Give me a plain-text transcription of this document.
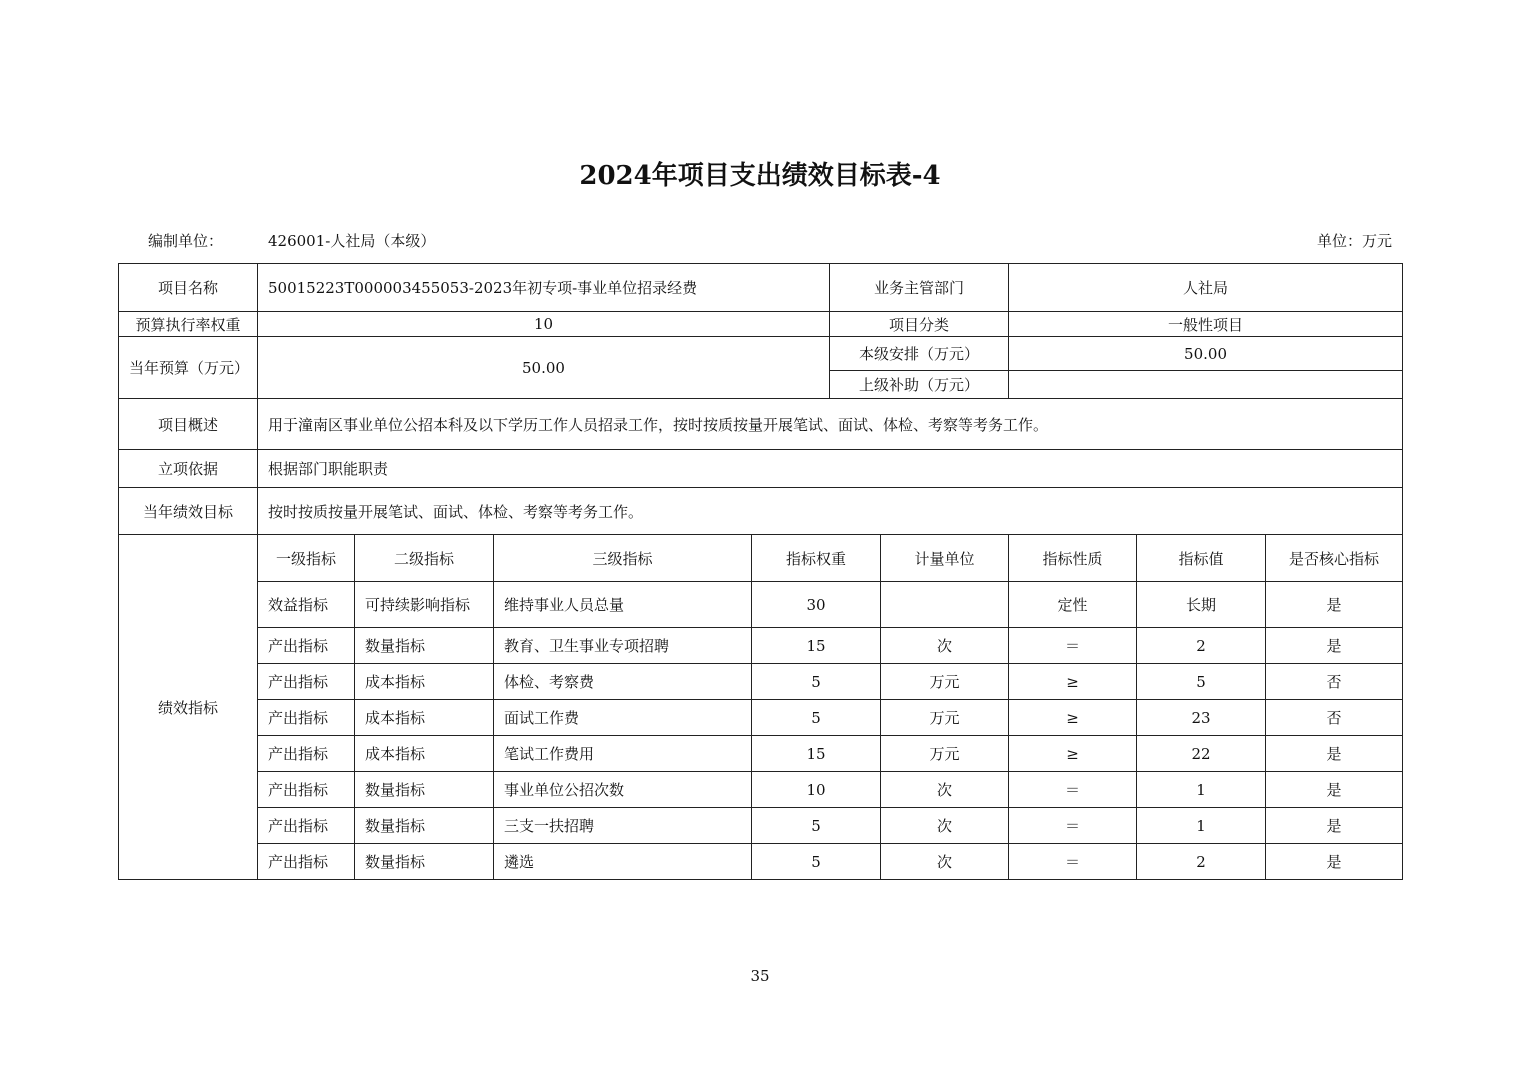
2024年项目支出绩效目标表-4
编制单位：	426001-人社局（本级）	单位：万元
项目名称	50015223T000003455053-2023年初专项-事业单位招录经费				业务主管部门		人社局		
预算执行率权重	10				项目分类		一般性项目		
当年预算（万元）	50.00				本级安排（万元）		50.00		
					上级补助（万元）				
项目概述	用于潼南区事业单位公招本科及以下学历工作人员招录工作，按时按质按量开展笔试、面试、体检、考察等考务工作。								
立项依据	根据部门职能职责								
当年绩效目标	按时按质按量开展笔试、面试、体检、考察等考务工作。								
绩效指标	一级指标	二级指标	三级指标	指标权重		计量单位	指标性质	指标值	是否核心指标
	效益指标	可持续影响指标	维持事业人员总量	30			定性	长期	是
	产出指标	数量指标	教育、卫生事业专项招聘	15		次	＝	2	是
	产出指标	成本指标	体检、考察费	5		万元	≥	5	否
	产出指标	成本指标	面试工作费	5		万元	≥	23	否
	产出指标	成本指标	笔试工作费用	15		万元	≥	22	是
	产出指标	数量指标	事业单位公招次数	10		次	＝	1	是
	产出指标	数量指标	三支一扶招聘	5		次	＝	1	是
	产出指标	数量指标	遴选	5		次	＝	2	是
35
